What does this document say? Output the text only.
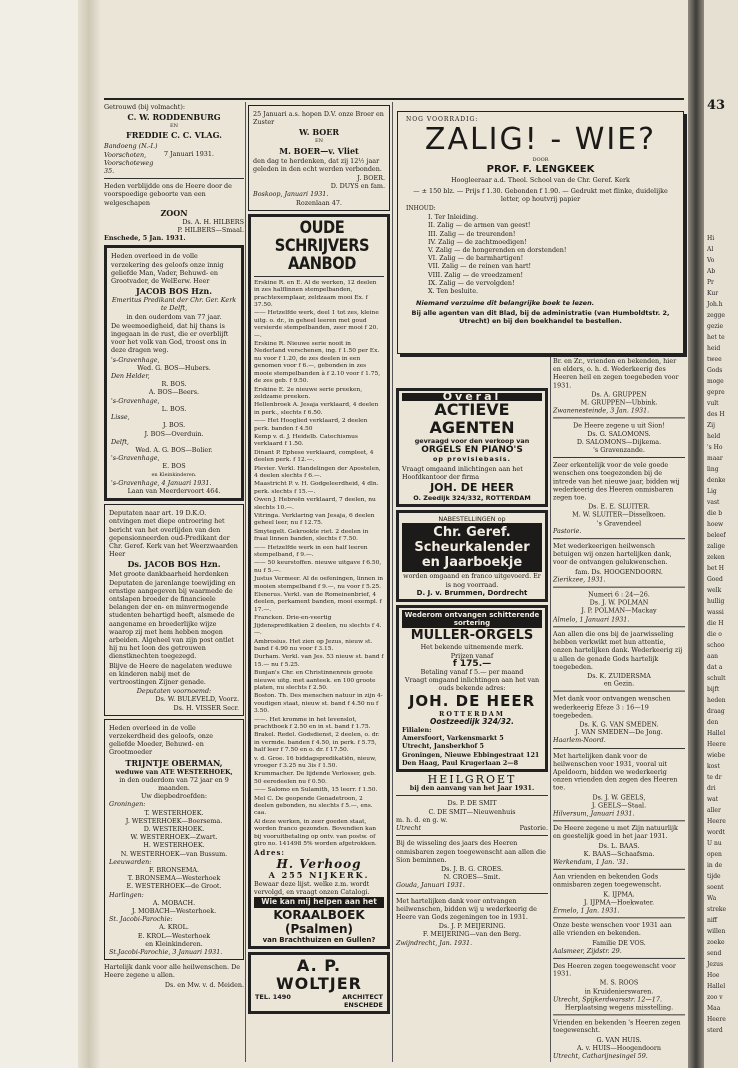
43
Hi
Al
Vo
Ab
Pr
Kur
Joh.h
zegge
gezie
het te
heid
twee
Gods
moge
gepre
vult
des H
Zij
held
's Ho
maar
ling
denke
Lig
vast
die b
hoew
beleef
zalige
zeken
bet H
Goed
welk
hullig
wassi
die H
die o
schoo
aan
dat a
schult
bijft
heden
draag
den
Hallel
Heere
wiebe
kost
te dr
dri
wat
aller
Heere
wordt
U nu
open
in de
tijde
soent
Wa
streke
niff
willen
zoeke
send
Jezus
Hoe
Hallel
zoo v
Maa
Heere
sterd
Getrouwd (bij volmacht):
C. W. RODDENBURG
EN
FREDDIE C. C. VLAG.
Bandoeng (N.-I.)
Voorschoten,
Voorschoteweg 35.
7 Januari 1931.
Heden verblijdde ons de Heere door de voorspoedige geboorte van een welgeschapen
ZOON
Ds. A. H. HILBERS
P. HILBERS—Smaal.
Enschede, 5 Jan. 1931.
Heden overleed in de volle verzekering des geloofs onze innig geliefde Man, Vader, Behuwd- en Grootvader, de WelEerw. Heer
JACOB BOS Hzn.
Emeritus Predikant der Chr. Ger. Kerk te Delft,
in den ouderdom van 77 jaar.
De weemoedigheid, dat hij thans is ingegaan in de rust, die er overblijft voor het volk van God, troost ons in deze dragen weg.
's-Gravenhage,
Wed. G. BOS—Hubers.
Den Helder,
R. BOS.
A. BOS—Beers.
's-Gravenhage,
L. BOS.
Lisse,
J. BOS.
J. BOS—Overduin.
Delft,
Wed. A. G. BOS—Bolier.
's-Gravenhage,
E. BOS
en Kleinkinderen.
's-Gravenhage, 4 Januari 1931.
Laan van Meerdervoort 464.
Deputaten naar art. 19 D.K.O. ontvingen met diepe ontroering het bericht van het overlijden van den gepensionneerden oud-Predikant der Chr. Geref. Kerk van het Weerzwaarden Heer
Ds. JACOB BOS Hzn.
Met groote dankbaarheid herdenken Deputaten de jarenlange toewijding en ernstige aangegeven bij waarmede de ontslapen broeder de financieele belangen der en- en minvermogende studenten behartigd heeft, alsmede de aangename en broederlijke wijze waarop zij met hem hebben mogen arbeiden. Algeheel van zijn post ontlet hij nu het loon des getrouwen dienstknechten toegezegd.
Blijve de Heere de nagelaten weduwe en kinderen nabij met de vertroostingen Zijner genade.
Deputaten voornoemd:
Ds. W. BULEVELD, Voorz.
Ds. H. VISSER Secr.
Heden overleed in de volle verzekerdheid des geloofs, onze geliefde Moeder, Behuwd- en Grootmoeder
TRIJNTJE OBERMAN,
weduwe van ATE WESTERHOEK,
in den ouderdom van 72 jaar en 9 maanden.
Uw diepbedroefden:
Groningen:
T. WESTERHOEK.
J. WESTERHOEK—Boersema.
D. WESTERHOEK.
W. WESTERHOEK—Zwart.
H. WESTERHOEK.
N. WESTERHOEK—van Bussum.
Leeuwarden:
F. BRONSEMA.
T. BRONSEMA—Westerhoek
E. WESTERHOEK—de Groot.
Harlingen:
A. MOBACH.
J. MOBACH—Westerhoek.
St. Jacobi-Parochie:
A. KROL.
E. KROL—Westerhoek
en Kleinkinderen.
St.Jacobi-Parochie, 3 Januari 1931.
Hartelijk dank voor alle heilwenschen. De Heere zegene u allen.
Ds. en Mw. v. d. Meiden.
25 Januari a.s. hopen D.V. onze Broer en Zuster
W. BOER
EN
M. BOER—v. Vliet
den dag te herdenken, dat zij 12½ jaar geleden in den echt werden verbonden.
J. BOER.
D. DUYS en fam.
Boskoop, Januari 1931.
Rozenlaan 47.
OUDE SCHRIJVERS AANBOD
Erskine R. en E. Al de werken, 12 deelen in zes halflinnen stempelbanden, prachtexemplaar, zeldzaam mooi Ex. f 37.50.
—— Hetzelfde werk, deel 1 tot zes, kleine uitg. o. dr., in geheel leeren met goud versierde stempelbanden, zeer mooi f 20.—.
Erskine R. Nieuwe serie nooit in Nederland verschenen, ing. f 1.50 per Ex. nu voor f 1.20, de zes deelen in een genomen voor f 6.—, gebonden in zes mooie stempelbanden à f 2.10 voor f 1.75, de zes geb. f 9.50.
Erskine E. 2e nieuwe serie preeken, zeldzame preeken.
Hellenbroek A. Jesaja verklaard, 4 deelen in perk., slechts f 6.50.
—— Het Hooglied verklaard, 2 deelen perk. banden f 4.50
Kemp v. d. J. Heidelb. Catechismus verklaard f 1.50.
Dinant P. Ephese verklaard, compleet, 4 deelen perk. f 12.—.
Plevier. Verkl. Handelingen der Apostelen, 4 deelen slechts f 6.—.
Maastricht P. v. H. Godgeleerdheid, 4 dln. perk. slechts f 15.—.
Owen J. Hebreën verklaard, 7 deelen, nu slechts 10.—.
Vitringa. Verklaring van Jesaja, 6 deelen geheel leer, nu f 12.75.
Smytegelt. Gekrookte riet. 2 deelen in fraai linnen banden, slechts f 7.50.
—— Hetzelfde werk in een half leeren stempelband, f 9.—.
—— 50 keurstoffen. nieuwe uitgave f 6.50, nu f 5.—.
Justus Vermeer. Al de oefeningen, linnen in mooien stempelband f 9.—, nu voor f 5.25.
Elsnerus. Verkl. van de Romeinenbrief, 4 deelen, perkament banden, mooi exempl. f 17.—.
Francken. Drie-en-veertig Jijdenspredikatien 2 deelen, nu slechts f 4.—.
Ambrosius. Het zien op Jezus, nieuw st. band f 4.90 nu voor f 3.15.
Durham. Verkl. van Jes. 53 nieuw st. band f 15.— nu f 5.25.
Bunjan's Chr. en Christinnenreis groote nieuwe uitg. met aanteek. en 100 groote platen, nu slechts f 2.50.
Boston. Th. Des menschen natuur in zijn 4-voudigen staat, nieuw st. band f 4.50 nu f 3.50.
——. Het kromme in het levenslot, prachtboek f 2.50 en in st. band f 1.75.
Brakel. Redel. Godsdienst, 2 deelen, o. dr. in vermde. banden f 4.50, in perk. f 5.75, half leer f 7.50 en o. dr. f 17.50.
v. d. Groe. 16 biddagspredikatiën, nieuw, vroeger f 3.25 nu 3is f 1.50.
Krummacher. De lijdende Verlosser, geb. 50 eeredeelen nu f 0.50.
—— Salomo en Sulamith, 15 leerr. f 1.50.
Mel C. De geopende Genadetroon, 2 deelen gebonden, nu slechts f 5.—, ens. caa.
Al deze werken, in zeer goeden staat, worden franco gezonden. Bovendien kan bij vooruitbetaling op ontv. van postw. of giro no. 141498 5% worden afgetrokken.
Adres:
H. Verhoog
A 255 NIJKERK.
Bewaar deze lijst. welke z.m. wordt vervolgd, en vraagt onzen Catalogi.
Wie kan mij helpen aan het
KORAALBOEK (Psalmen)
van Brachthuizen en Gullen?
A. P. WOLTJER
TEL. 1490	ARCHITECT
ENSCHEDE
NOG VOORRADIG:
ZALIG! - WIE?
DOOR
PROF. F. LENGKEEK
Hoogleeraar a.d. Theol. School van de Chr. Geref. Kerk
— ± 150 blz. — Prijs f 1.30. Gebonden f 1.90. — Gedrukt met flinke, duidelijke letter, op houtvrij papier
INHOUD:
I. Ter Inleiding.
II. Zalig — de armen van geest!
III. Zalig — de treurenden!
IV. Zalig — de zachtmoedigen!
V. Zalig — de hongerenden en dorstenden!
VI. Zalig — de barmhartigen!
VII. Zalig — de reinen van hart!
VIII. Zalig — de vreedzamen!
IX. Zalig — de vervolgden!
X. Ten besluite.
Niemand verzuime dit belangrijke boek te lezen.
Bij alle agenten van dit Blad, bij de administratie (van Humboldtstr. 2, Utrecht) en bij den boekhandel te bestellen.
Overal
ACTIEVE AGENTEN
gevraagd voor den verkoop van
ORGELS EN PIANO'S
op provisiebasis.
Vraagt omgaand inlichtingen aan het Hoofdkantoor der firma
JOH. DE HEER
O. Zeedijk 324/332, ROTTERDAM
NABESTELLINGEN op
Chr. Geref. Scheurkalender en Jaarboekje
worden omgaand en franco uitgevoerd. Er is nog voorraad.
D. J. v. Brummen, Dordrecht
Wederom ontvangen schitterende sortering
MULLER-ORGELS
Het bekende uitnemende merk.
Prijzen vanaf
f 175.—
Betaling vanaf f 5.— per maand
Vraagt omgaand inlichtingen aan het van ouds bekende adres:
JOH. DE HEER
ROTTERDAM
Oostzeedijk 324/32.
Filialen:
Amersfoort, Varkensmarkt 5
Utrecht, Jansberkhof 5
Groningen, Nieuwe Ebbingestraat 121
Den Haag, Paul Krugerlaan 2—8
HEILGROET
bij den aanvang van het Jaar 1931.
Ds. P. DE SMIT
C. DE SMIT—Nieuwenhuis
m. h. d. en g. w.
Utrecht	Pastorie.
Bij de wisseling des jaars des Heeren onmisbaren zegen toegewenscht aan allen die Sion beminnen.
Ds. J. B. G. CROES.
N. CROES—Smit.
Gouda, Januari 1931.
Met hartelijken dank voor ontvangen heilwenschen, bidden wij u wederkeerig de Heere van Gods zegeningen toe in 1931.
Ds. J. P. MEIJERING.
F. MEIJERING—van den Berg.
Zwijndrecht, Jan. 1931.
Br. en Zr., vrienden en bekenden, hier en elders, o. h. d. Wederkeerig des Heeren heil en zegen toegebeden voor 1931.
Ds. A. GRUPPEN
M. GRUPPEN—Ubbink.
Zwanenesteinde, 3 Jan. 1931.
De Heere zegene u uit Sion!
Ds. G. SALOMONS.
D. SALOMONS—Dijkema.
's Gravenzande.
Zeer erkentelijk voor de vele goede wenschen ons toegezonden bij de intrede van het nieuwe jaar, bidden wij wederkeerig des Heeren onmisbaren zegen toe.
Ds. E. E. SLUITER.
M. W. SLUITER—Disselkoen.
's Gravendeel
Pastorie.
Met wederkeerigen heilwensch betuigen wij onzen hartelijken dank, voor de ontvangen gelukwenschen.
fam. Ds. HOOGENDOORN.
Zierikzee, 1931.
Numeri 6 : 24—26.
Ds. J. W. POLMAN
J. P. POLMAN—Mackay
Almelo, 1 Januari 1931.
Aan allen die ons bij de jaarwisseling hebben verkwikt met hun attentie, onzen hartelijken dank. Wederkeerig zij u allen de genade Gods hartelijk toegebeden.
Ds. K. ZUIDERSMA
en Gezin.
Met dank voor ontvangen wenschen wederkeerig Efeze 3 : 16—19 toegebeden.
Ds. K. G. VAN SMEDEN.
J. VAN SMEDEN—De Jong.
Haarlem-Noord.
Met hartelijken dank voor de heilwenschen voor 1931, vooral uit Apeldoorn, bidden we wederkeerig onzen vrienden den zegen des Heeren toe.
Ds. J. W. GEELS,
J. GEELS—Staal.
Hilversum, Januari 1931.
De Heere zegene u met Zijn natuurlijk en geestelijk goed in het jaar 1931.
Ds. L. BAAS.
K. BAAS—Schaafsma.
Werkendam, 1 Jan. '31.
Aan vrienden en bekenden Gods onmisbaren zegen toegewenscht.
K. IJPMA.
J. IJPMA—Hoekwater.
Ermelo, 1 Jan. 1931.
Onze beste wenschen voor 1931 aan alle vrienden en bekenden.
Familie DE VOS.
Aalsmeer, Zijdstr. 29.
Des Heeren zegen toegewenscht voor 1931.
M. S. ROOS
in Kruidenierswaren.
Utrecht, Spijkerdwarsstr. 12—17.
Herplaatsing wegens misstelling.
Vrienden en bekenden 's Heeren zegen toegewenscht.
G. VAN HUIS.
A. v. HUIS—Hoogendoorn
Utrecht, Catharijnesingel 59.
